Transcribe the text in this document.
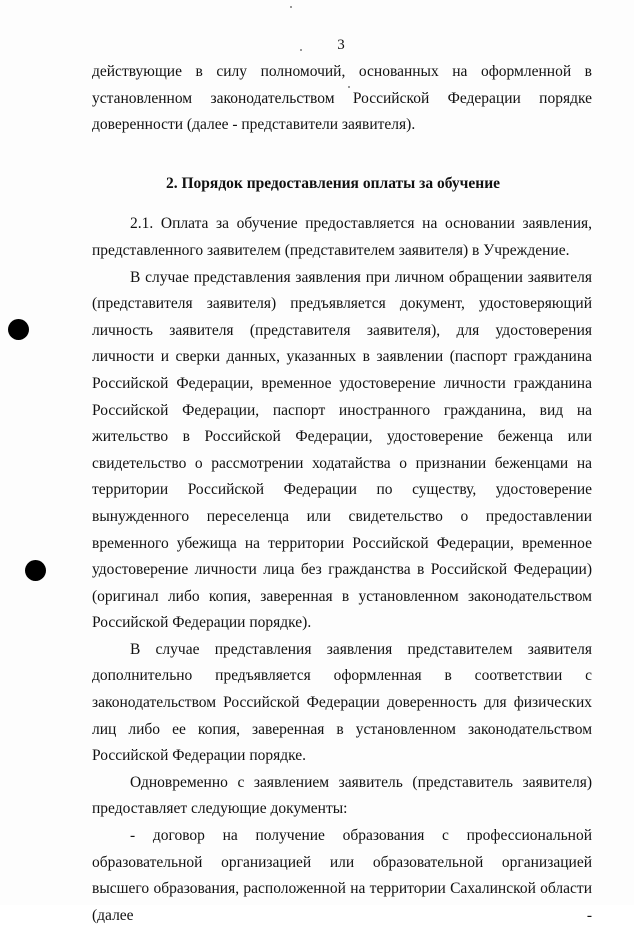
3

действующие в силу полномочий, основанных на оформленной в установленном законодательством Российской Федерации порядке доверенности (далее - представители заявителя).

2. Порядок предоставления оплаты за обучение

2.1. Оплата за обучение предоставляется на основании заявления, представленного заявителем (представителем заявителя) в Учреждение.

В случае представления заявления при личном обращении заявителя (представителя заявителя) предъявляется документ, удостоверяющий личность заявителя (представителя заявителя), для удостоверения личности и сверки данных, указанных в заявлении (паспорт гражданина Российской Федерации, временное удостоверение личности гражданина Российской Федерации, паспорт иностранного гражданина, вид на жительство в Российской Федерации, удостоверение беженца или свидетельство о рассмотрении ходатайства о признании беженцами на территории Российской Федерации по существу, удостоверение вынужденного переселенца или свидетельство о предоставлении временного убежища на территории Российской Федерации, временное удостоверение личности лица без гражданства в Российской Федерации) (оригинал либо копия, заверенная в установленном законодательством Российской Федерации порядке).

В случае представления заявления представителем заявителя дополнительно предъявляется оформленная в соответствии с законодательством Российской Федерации доверенность для физических лиц либо ее копия, заверенная в установленном законодательством Российской Федерации порядке.

Одновременно с заявлением заявитель (представитель заявителя) предоставляет следующие документы:

- договор на получение образования с профессиональной образовательной организацией или образовательной организацией высшего образования, расположенной на территории Сахалинской области (далее -
